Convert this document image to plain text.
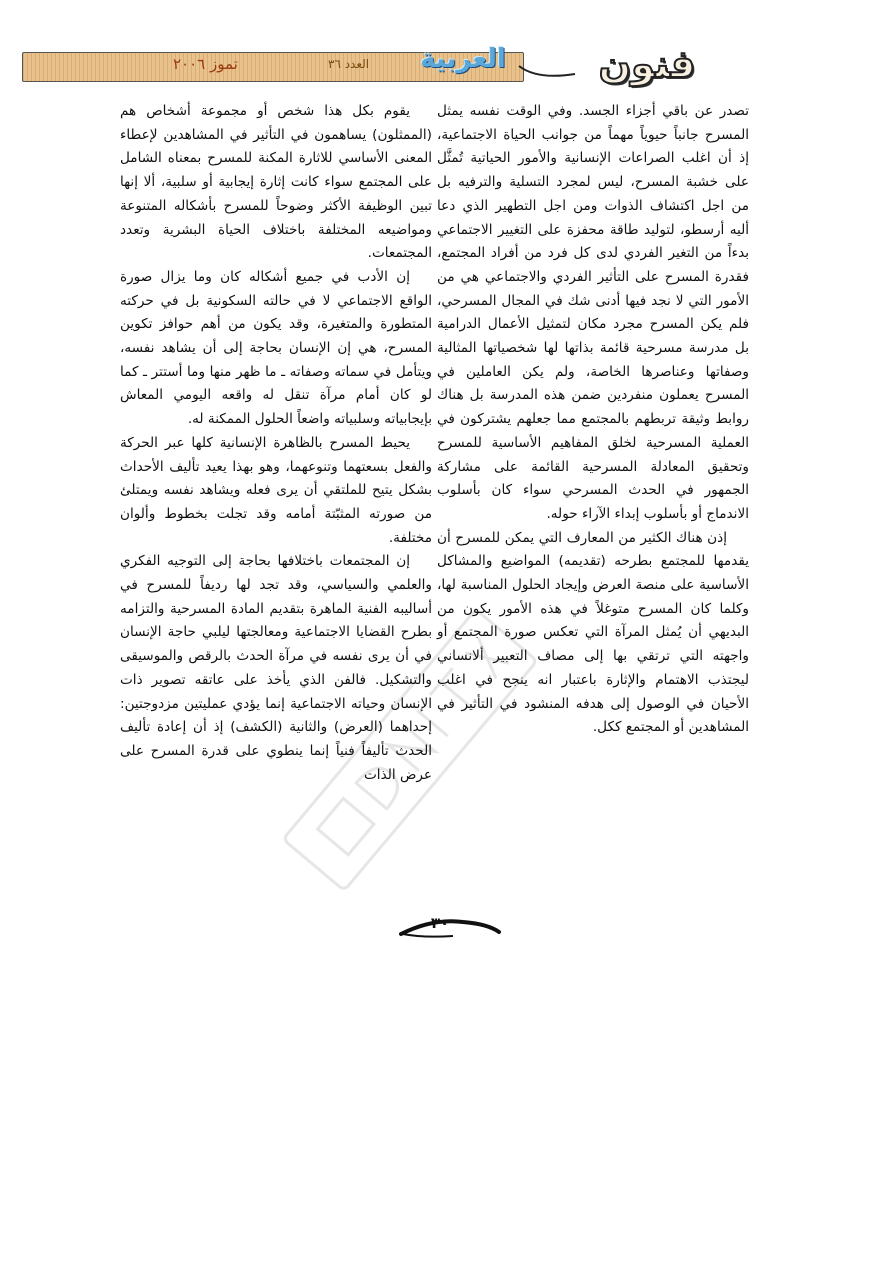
تموز ٢٠٠٦	العدد ٣٦	العربية	فنون

تصدر عن باقي أجزاء الجسد. وفي الوقت نفسه يمثل المسرح جانباً حيوياً مهماً من جوانب الحياة الاجتماعية، إذ أن اغلب الصراعات الإنسانية والأمور الحياتية تُمثَّل على خشبة المسرح، ليس لمجرد التسلية والترفيه بل من اجل اكتشاف الذوات ومن اجل التطهير الذي دعا أليه أرسطو، لتوليد طاقة محفزة على التغيير الاجتماعي بدءاً من التغير الفردي لدى كل فرد من أفراد المجتمع، فقدرة المسرح على التأثير الفردي والاجتماعي هي من الأمور التي لا نجد فيها أدنى شك في المجال المسرحي، فلم يكن المسرح مجرد مكان لتمثيل الأعمال الدرامية بل مدرسة مسرحية قائمة بذاتها لها شخصياتها المثالية وصفاتها وعناصرها الخاصة، ولم يكن العاملين في المسرح يعملون منفردين ضمن هذه المدرسة بل هناك روابط وثيقة تربطهم بالمجتمع مما جعلهم يشتركون في العملية المسرحية لخلق المفاهيم الأساسية للمسرح وتحقيق المعادلة المسرحية القائمة على مشاركة الجمهور في الحدث المسرحي سواء كان بأسلوب الاندماج أو بأسلوب إبداء الآراء حوله.

إذن هناك الكثير من المعارف التي يمكن للمسرح أن يقدمها للمجتمع بطرحه (تقديمه) المواضيع والمشاكل الأساسية على منصة العرض وإيجاد الحلول المناسبة لها، وكلما كان المسرح متوغلاً في هذه الأمور يكون من البديهي أن يُمثل المرآة التي تعكس صورة المجتمع أو واجهته التي ترتقي بها إلى مصاف التعبير ألانساني ليجتذب الاهتمام والإثارة باعتبار انه ينجح في اغلب الأحيان في الوصول إلى هدفه المنشود في التأثير في المشاهدين أو المجتمع ككل.

يقوم بكل هذا شخص أو مجموعة أشخاص هم (الممثلون) يساهمون في التأثير في المشاهدين لإعطاء المعنى الأساسي للاثارة المكنة للمسرح بمعناه الشامل على المجتمع سواء كانت إثارة إيجابية أو سلبية، ألا إنها تبين الوظيفة الأكثر وضوحاً للمسرح بأشكاله المتنوعة ومواضيعه المختلفة باختلاف الحياة البشرية وتعدد المجتمعات.

إن الأدب في جميع أشكاله كان وما يزال صورة الواقع الاجتماعي لا في حالته السكونية بل في حركته المتطورة والمتغيرة، وقد يكون من أهم حوافز تكوين المسرح، هي إن الإنسان بحاجة إلى أن يشاهد نفسه، ويتأمل في سماته وصفاته ـ ما ظهر منها وما أستتر ـ كما لو كان أمام مرآة تنقل له واقعه اليومي المعاش بإيجابياته وسلبياته واضعاً الحلول الممكنة له.

يحيط المسرح بالظاهرة الإنسانية كلها عبر الحركة والفعل بسعتهما وتنوعهما، وهو بهذا يعيد تأليف الأحداث بشكل يتيح للملتقي أن يرى فعله ويشاهد نفسه ويمتلئ من صورته المثبّتة أمامه وقد تجلت بخطوط وألوان مختلفة.

إن المجتمعات باختلافها بحاجة إلى التوجيه الفكري والعلمي والسياسي، وقد تجد لها رديفاً للمسرح في أساليبه الفنية الماهرة بتقديم المادة المسرحية والتزامه بطرح القضايا الاجتماعية ومعالجتها ليلبي حاجة الإنسان في أن يرى نفسه في مرآة الحدث بالرقص والموسيقى والتشكيل. فالفن الذي يأخذ على عاتقه تصوير ذات الإنسان وحياته الاجتماعية إنما يؤدي عمليتين مزدوجتين: إحداهما (العرض) والثانية (الكشف) إذ أن إعادة تأليف الحدث تأليفاً فنياً إنما ينطوي على قدرة المسرح على عرض الذات

٣٠
